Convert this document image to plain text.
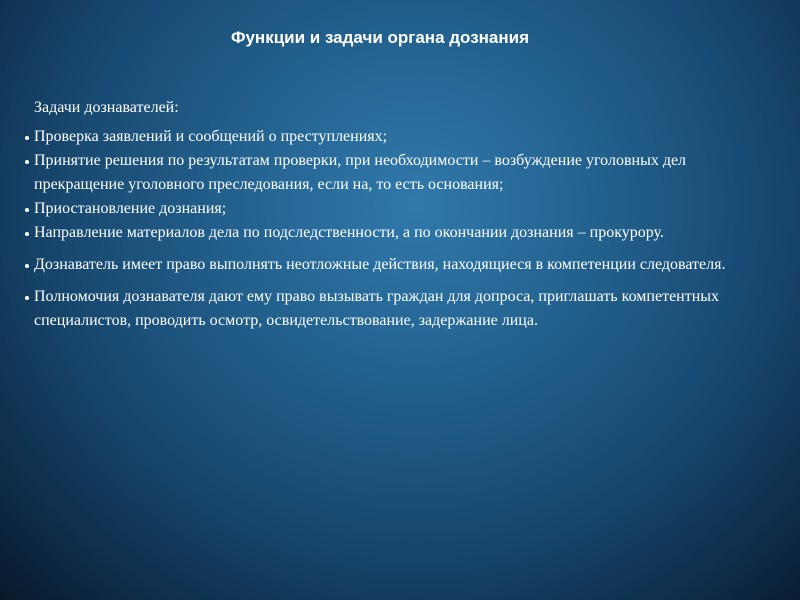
Функции и задачи органа дознания
Задачи дознавателей :

Проверка заявлений и сообщений о преступлениях;

Принятие решения по результатам проверки, при необходимости – возбуждение уголовных дел прекращение уголовного преследования, если на, то есть основания;

Приостановление дознания;

Направление материалов дела по подследственности, а по окончании дознания – прокурору.

Дознаватель имеет право выполнять неотложные действия, находящиеся в компетенции следователя.

Полномочия дознавателя дают ему право вызывать граждан для допроса, приглашать компетентных специалистов, проводить осмотр, освидетельствование, задержание лица.
